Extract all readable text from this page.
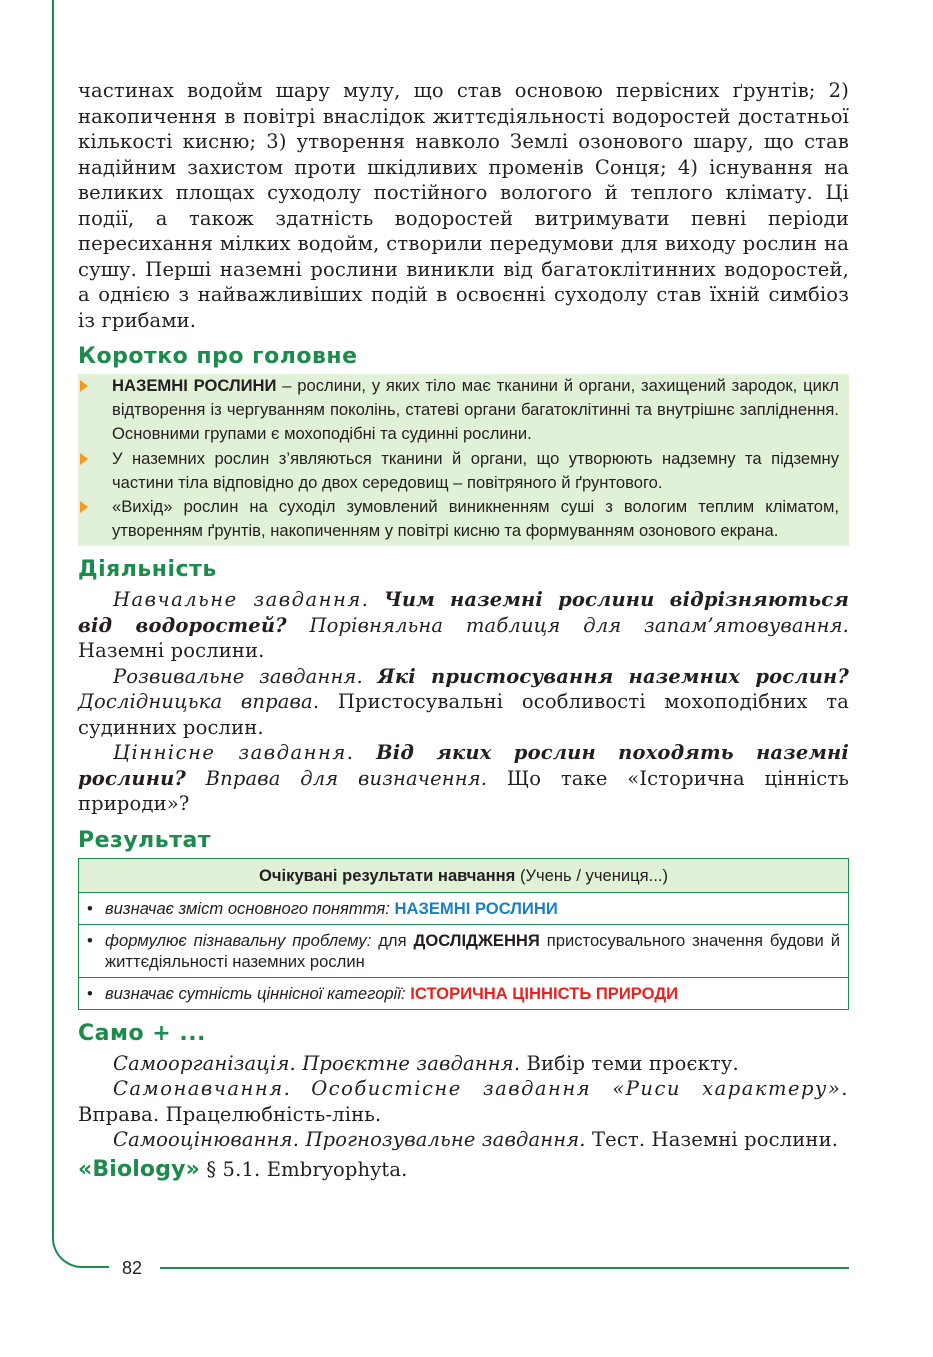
82

частинах водойм шару мулу, що став основою первісних ґрунтів; 2) накопичення в повітрі внаслідок життєдіяльності водоростей достатньої кількості кисню; 3) утворення навколо Землі озонового шару, що став надійним захистом проти шкідливих променів Сонця; 4) існування на великих площах суходолу постійного вологого й теплого клімату. Ці події, а також здатність водоростей витримувати певні періоди пересихання мілких водойм, створили передумови для виходу рослин на сушу. Перші наземні рослини виникли від багатоклітинних водоростей, а однією з найважливіших подій в освоєнні суходолу став їхній симбіоз із грибами.

Коротко про головне
НАЗЕМНІ РОСЛИНИ – рослини, у яких тіло має тканини й органи, захищений зародок, цикл відтворення із чергуванням поколінь, статеві органи багатоклітинні та внутрішнє запліднення. Основними групами є мохоподібні та судинні рослини.
У наземних рослин з’являються тканини й органи, що утворюють надземну та підземну частини тіла відповідно до двох середовищ – повітряного й ґрунтового.
«Вихід» рослин на суходіл зумовлений виникненням суші з вологим теплим кліматом, утворенням ґрунтів, накопиченням у повітрі кисню та формуванням озонового екрана.
Діяльність

Навчальне завдання. Чим наземні рослини відрізняються від водоростей? Порівняльна таблиця для запам’ятовування. Наземні рослини.

Розвивальне завдання. Які пристосування наземних рослин? Дослідницька вправа. Пристосувальні особливості мохоподібних та судинних рослин.

Ціннісне завдання. Від яких рослин походять наземні рослини? Вправа для визначення. Що таке «Історична цінність природи»?

Результат
Очікувані результати навчання (Учень / учениця...)
• визначає зміст основного поняття: НАЗЕМНІ РОСЛИНИ
• формулює пізнавальну проблему: для ДОСЛІДЖЕННЯ пристосувального значення будови й життєдіяльності наземних рослин
• визначає сутність ціннісної категорії: ІСТОРИЧНА ЦІННІСТЬ ПРИРОДИ
Само + ...

Самоорганізація. Проєктне завдання. Вибір теми проєкту.

Самонавчання. Особистісне завдання «Риси характеру». Вправа. Працелюбність-лінь.

Самооцінювання. Прогнозувальне завдання. Тест. Наземні рослини.

«Biology» § 5.1. Embryophyta.
